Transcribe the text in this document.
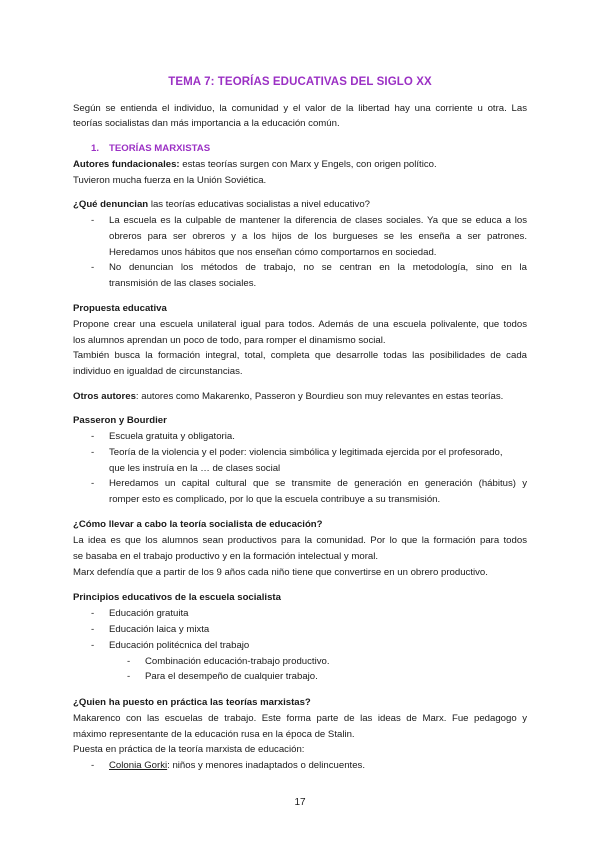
TEMA 7: TEORÍAS EDUCATIVAS DEL SIGLO XX
Según se entienda el individuo, la comunidad y el valor de la libertad hay una corriente u otra. Las
teorías socialistas dan más importancia a la educación común.
1. TEORÍAS MARXISTAS
Autores fundacionales: estas teorías surgen con Marx y Engels, con origen político.
Tuvieron mucha fuerza en la Unión Soviética.
¿Qué denuncian las teorías educativas socialistas a nivel educativo?
- La escuela es la culpable de mantener la diferencia de clases sociales. Ya que se educa a los
obreros para ser obreros y a los hijos de los burgueses se les enseña a ser patrones.
Heredamos unos hábitos que nos enseñan cómo comportarnos en sociedad.
- No denuncian los métodos de trabajo, no se centran en la metodología, sino en la
transmisión de las clases sociales.
Propuesta educativa
Propone crear una escuela unilateral igual para todos. Además de una escuela polivalente, que todos
los alumnos aprendan un poco de todo, para romper el dinamismo social.
También busca la formación integral, total, completa que desarrolle todas las posibilidades de cada
individuo en igualdad de circunstancias.
Otros autores: autores como Makarenko, Passeron y Bourdieu son muy relevantes en estas teorías.
Passeron y Bourdier
- Escuela gratuita y obligatoria.
- Teoría de la violencia y el poder: violencia simbólica y legitimada ejercida por el profesorado,
que les instruía en la … de clases social
- Heredamos un capital cultural que se transmite de generación en generación (hábitus) y
romper esto es complicado, por lo que la escuela contribuye a su transmisión.
¿Cómo llevar a cabo la teoría socialista de educación?
La idea es que los alumnos sean productivos para la comunidad. Por lo que la formación para todos
se basaba en el trabajo productivo y en la formación intelectual y moral.
Marx defendía que a partir de los 9 años cada niño tiene que convertirse en un obrero productivo.
Principios educativos de la escuela socialista
- Educación gratuita
- Educación laica y mixta
- Educación politécnica del trabajo
- Combinación educación-trabajo productivo.
- Para el desempeño de cualquier trabajo.
¿Quien ha puesto en práctica las teorías marxistas?
Makarenco con las escuelas de trabajo. Este forma parte de las ideas de Marx. Fue pedagogo y
máximo representante de la educación rusa en la época de Stalin.
Puesta en práctica de la teoría marxista de educación:
- Colonia Gorki: niños y menores inadaptados o delincuentes.
17
